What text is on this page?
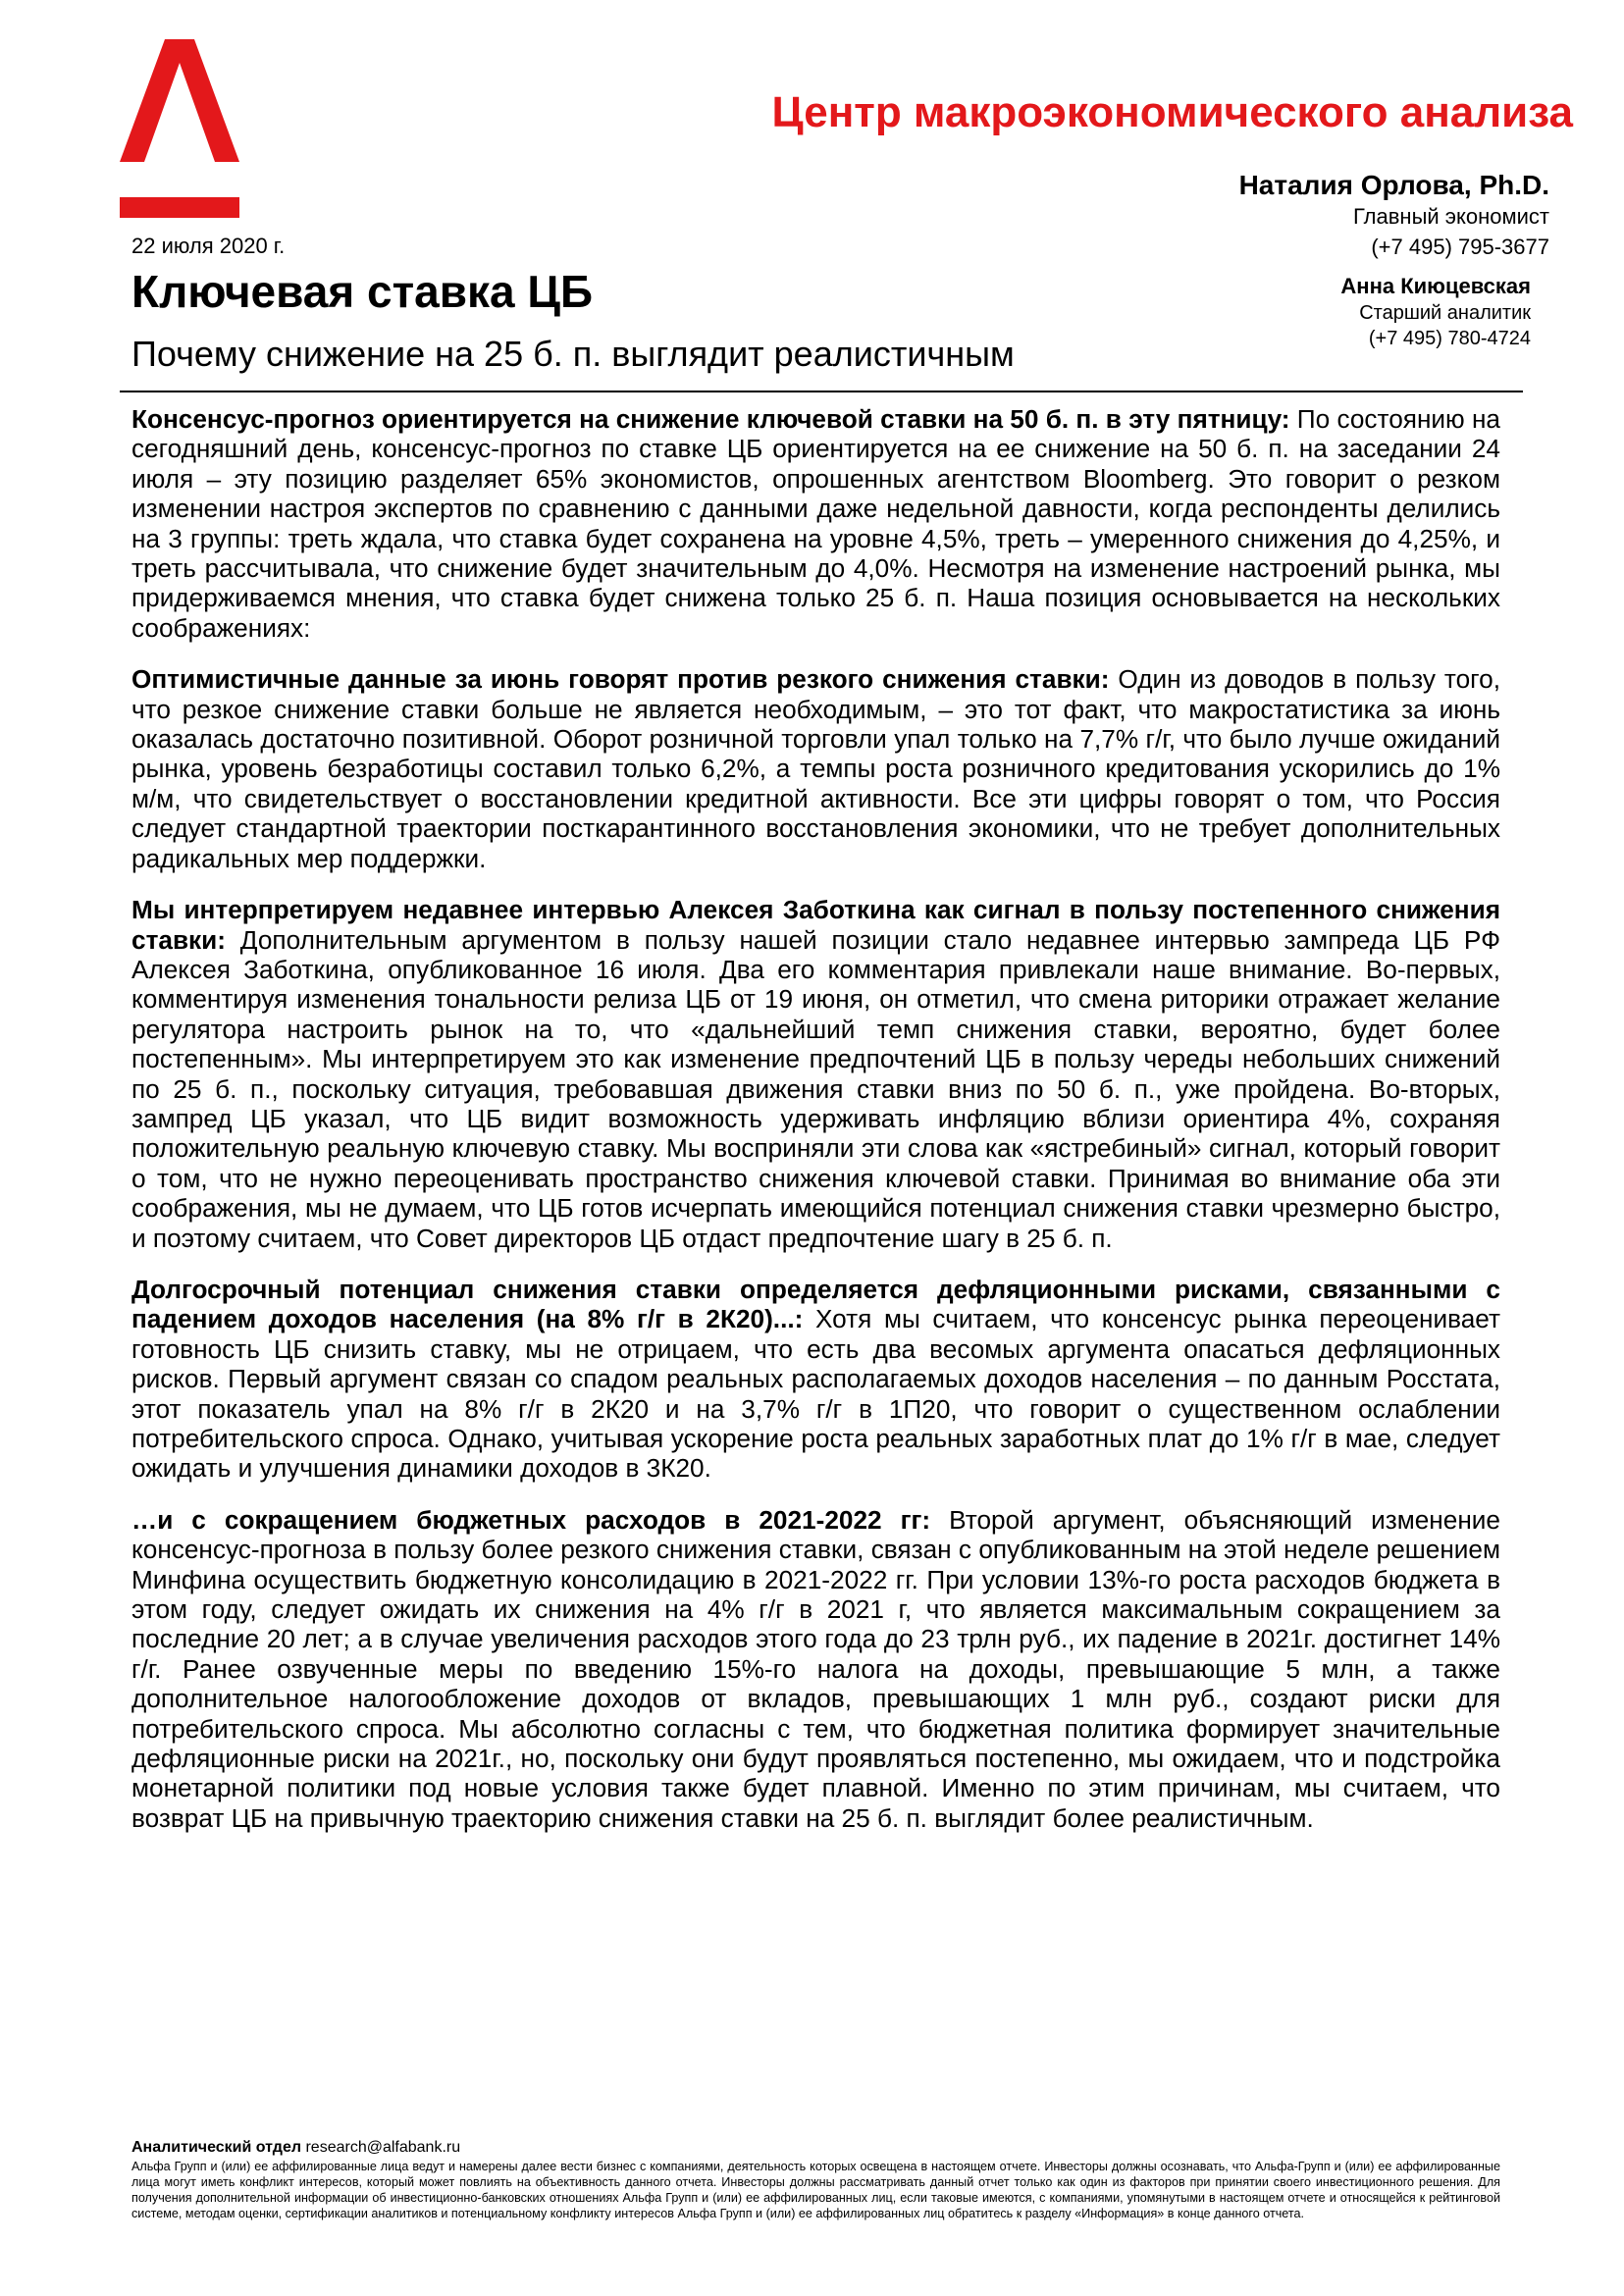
Центр макроэкономического анализа
Наталия Орлова, Ph.D.
Главный экономист
(+7 495) 795-3677
Анна Киюцевская
Старший аналитик
(+7 495) 780-4724
22 июля 2020 г.
Ключевая ставка ЦБ
Почему снижение на 25 б. п. выглядит реалистичным

Консенсус-прогноз ориентируется на снижение ключевой ставки на 50 б. п. в эту пятницу: По состоянию на сегодняшний день, консенсус-прогноз по ставке ЦБ ориентируется на ее снижение на 50 б. п. на заседании 24 июля – эту позицию разделяет 65% экономистов, опрошенных агентством Bloomberg. Это говорит о резком изменении настроя экспертов по сравнению с данными даже недельной давности, когда респонденты делились на 3 группы: треть ждала, что ставка будет сохранена на уровне 4,5%, треть – умеренного снижения до 4,25%, и треть рассчитывала, что снижение будет значительным до 4,0%. Несмотря на изменение настроений рынка, мы придерживаемся мнения, что ставка будет снижена только 25 б. п. Наша позиция основывается на нескольких соображениях:

Оптимистичные данные за июнь говорят против резкого снижения ставки: Один из доводов в пользу того, что резкое снижение ставки больше не является необходимым, – это тот факт, что макростатистика за июнь оказалась достаточно позитивной. Оборот розничной торговли упал только на 7,7% г/г, что было лучше ожиданий рынка, уровень безработицы составил только 6,2%, а темпы роста розничного кредитования ускорились до 1% м/м, что свидетельствует о восстановлении кредитной активности. Все эти цифры говорят о том, что Россия следует стандартной траектории посткарантинного восстановления экономики, что не требует дополнительных радикальных мер поддержки.

Мы интерпретируем недавнее интервью Алексея Заботкина как сигнал в пользу постепенного снижения ставки: Дополнительным аргументом в пользу нашей позиции стало недавнее интервью зампреда ЦБ РФ Алексея Заботкина, опубликованное 16 июля. Два его комментария привлекали наше внимание. Во-первых, комментируя изменения тональности релиза ЦБ от 19 июня, он отметил, что смена риторики отражает желание регулятора настроить рынок на то, что «дальнейший темп снижения ставки, вероятно, будет более постепенным». Мы интерпретируем это как изменение предпочтений ЦБ в пользу череды небольших снижений по 25 б. п., поскольку ситуация, требовавшая движения ставки вниз по 50 б. п., уже пройдена. Во-вторых, зампред ЦБ указал, что ЦБ видит возможность удерживать инфляцию вблизи ориентира 4%, сохраняя положительную реальную ключевую ставку. Мы восприняли эти слова как «ястребиный» сигнал, который говорит о том, что не нужно переоценивать пространство снижения ключевой ставки. Принимая во внимание оба эти соображения, мы не думаем, что ЦБ готов исчерпать имеющийся потенциал снижения ставки чрезмерно быстро, и поэтому считаем, что Совет директоров ЦБ отдаст предпочтение шагу в 25 б. п.

Долгосрочный потенциал снижения ставки определяется дефляционными рисками, связанными с падением доходов населения (на 8% г/г в 2К20)...: Хотя мы считаем, что консенсус рынка переоценивает готовность ЦБ снизить ставку, мы не отрицаем, что есть два весомых аргумента опасаться дефляционных рисков. Первый аргумент связан со спадом реальных располагаемых доходов населения – по данным Росстата, этот показатель упал на 8% г/г в 2К20 и на 3,7% г/г в 1П20, что говорит о существенном ослаблении потребительского спроса. Однако, учитывая ускорение роста реальных заработных плат до 1% г/г в мае, следует ожидать и улучшения динамики доходов в 3К20.

…и с сокращением бюджетных расходов в 2021-2022 гг: Второй аргумент, объясняющий изменение консенсус-прогноза в пользу более резкого снижения ставки, связан с опубликованным на этой неделе решением Минфина осуществить бюджетную консолидацию в 2021-2022 гг. При условии 13%-го роста расходов бюджета в этом году, следует ожидать их снижения на 4% г/г в 2021 г, что является максимальным сокращением за последние 20 лет; а в случае увеличения расходов этого года до 23 трлн руб., их падение в 2021г. достигнет 14% г/г. Ранее озвученные меры по введению 15%-го налога на доходы, превышающие 5 млн, а также дополнительное налогообложение доходов от вкладов, превышающих 1 млн руб., создают риски для потребительского спроса. Мы абсолютно согласны с тем, что бюджетная политика формирует значительные дефляционные риски на 2021г., но, поскольку они будут проявляться постепенно, мы ожидаем, что и подстройка монетарной политики под новые условия также будет плавной. Именно по этим причинам, мы считаем, что возврат ЦБ на привычную траекторию снижения ставки на 25 б. п. выглядит более реалистичным.

Аналитический отдел research@alfabank.ru

Альфа Групп и (или) ее аффилированные лица ведут и намерены далее вести бизнес с компаниями, деятельность которых освещена в настоящем отчете. Инвесторы должны осознавать, что Альфа-Групп и (или) ее аффилированные лица могут иметь конфликт интересов, который может повлиять на объективность данного отчета. Инвесторы должны рассматривать данный отчет только как один из факторов при принятии своего инвестиционного решения. Для получения дополнительной информации об инвестиционно-банковских отношениях Альфа Групп и (или) ее аффилированных лиц, если таковые имеются, с компаниями, упомянутыми в настоящем отчете и относящейся к рейтинговой системе, методам оценки, сертификации аналитиков и потенциальному конфликту интересов Альфа Групп и (или) ее аффилированных лиц обратитесь к разделу «Информация» в конце данного отчета.
